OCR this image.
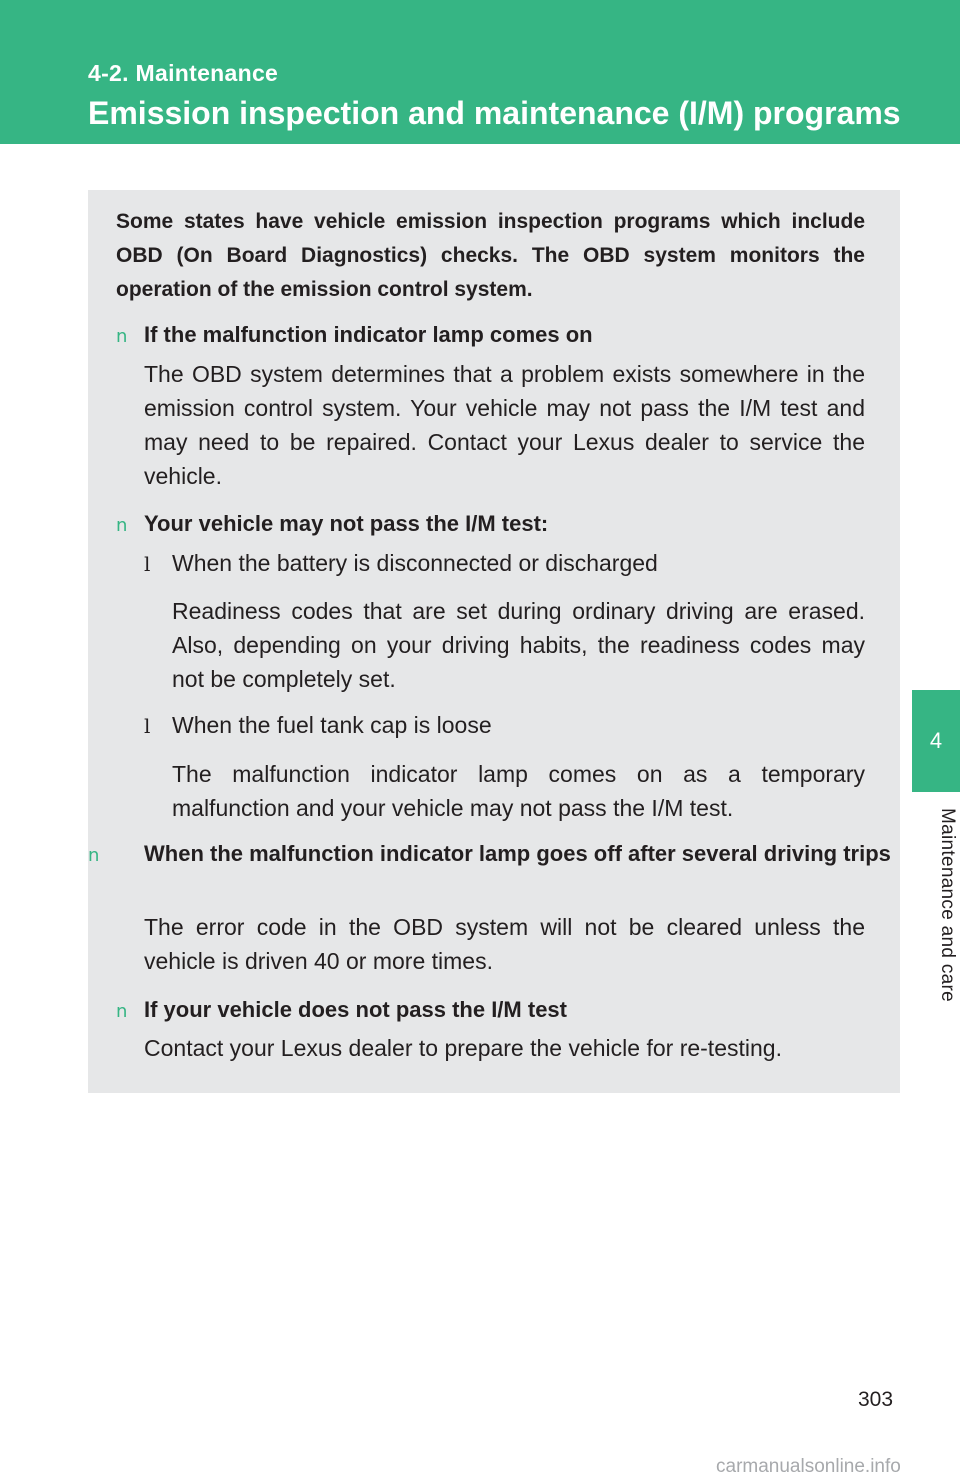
4-2. Maintenance
Emission inspection and maintenance (I/M) programs
4
Maintenance and care
Some states have vehicle emission inspection programs which include OBD (On Board Diagnostics) checks. The OBD system monitors the operation of the emission control system.
n If the malfunction indicator lamp comes on
The OBD system determines that a problem exists somewhere in the emission control system. Your vehicle may not pass the I/M test and may need to be repaired. Contact your Lexus dealer to service the vehicle.
n Your vehicle may not pass the I/M test:
l When the battery is disconnected or discharged
Readiness codes that are set during ordinary driving are erased. Also, depending on your driving habits, the readiness codes may not be completely set.
l When the fuel tank cap is loose
The malfunction indicator lamp comes on as a temporary malfunction and your vehicle may not pass the I/M test.
n When the malfunction indicator lamp goes off after several driving trips
The error code in the OBD system will not be cleared unless the vehicle is driven 40 or more times.
n If your vehicle does not pass the I/M test
Contact your Lexus dealer to prepare the vehicle for re-testing.
303
carmanualsonline.info
